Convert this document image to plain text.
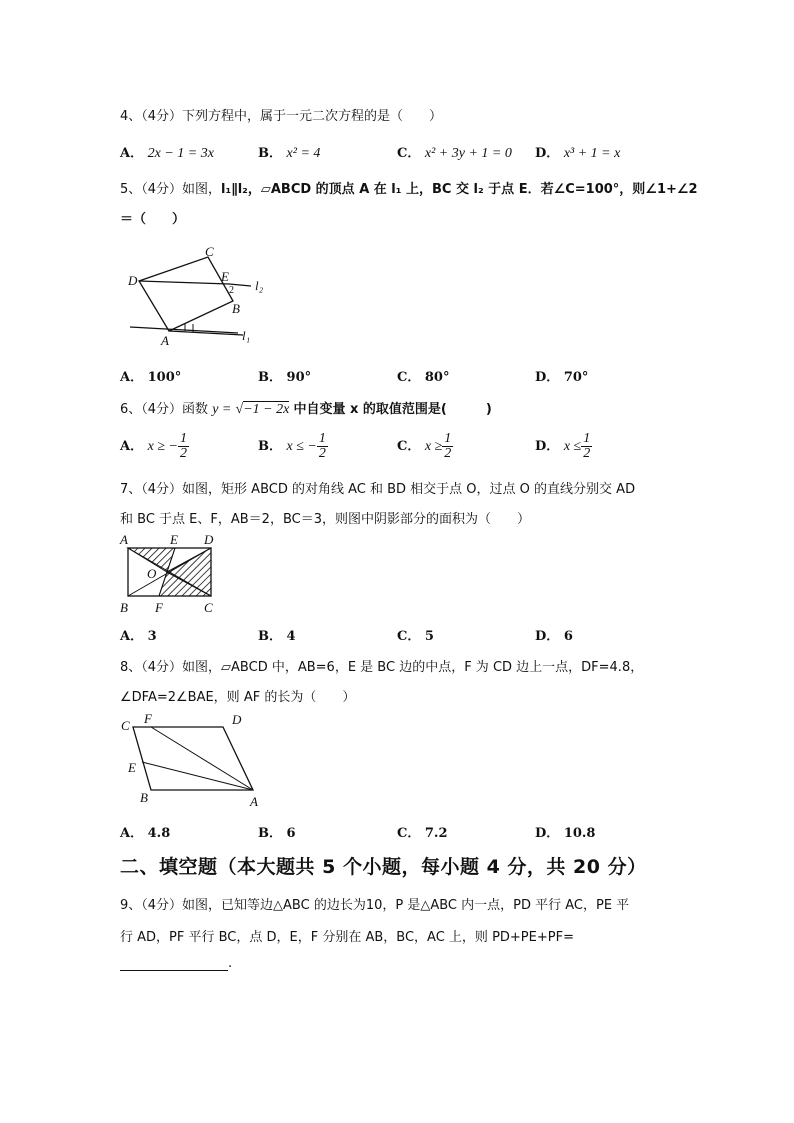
4、（4分）下列方程中，属于一元二次方程的是（　　）
A． 2x − 1 = 3x	B． x² = 4	C． x² + 3y + 1 = 0 D． x³ + 1 = x
5、（4分）如图，l₁∥l₂，▱ABCD 的顶点 A 在 l₁ 上，BC 交 l₂ 于点 E．若∠C=100°，则∠1+∠2
＝（　　）
C
D	E
2 l₂
B
A	l₁
A． 100°	B． 90°	C． 80°	D． 70°
6、（4分）函数 y = √−1 − 2x 中自变量 x 的取值范围是(　　　)
A． x ≥ − $\frac{1}{2}$	B． x ≤ − $\frac{1}{2}$	C． $x \ge \frac{1}{2}$	D． $x \le \frac{1}{2}$
7、（4分）如图，矩形 ABCD 的对角线 AC 和 BD 相交于点 O，过点 O 的直线分别交 AD
和 BC 于点 E、F，AB＝2，BC＝3，则图中阴影部分的面积为（　　）
A	E D
O
B F	C
A． 3	B． 4	C． 5	D． 6
8、（4分）如图，▱ABCD 中，AB=6，E 是 BC 边的中点，F 为 CD 边上一点，DF=4.8，
∠DFA=2∠BAE，则 AF 的长为（　　）
C F	D
E
B	A
A． 4.8	B． 6	C． 7.2	D． 10.8
二、填空题（本大题共 5 个小题，每小题 4 分，共 20 分）
9、（4分）如图，已知等边△ABC 的边长为10，P 是△ABC 内一点，PD 平行 AC，PE 平
行 AD，PF 平行 BC，点 D，E，F 分别在 AB，BC，AC 上，则 PD+PE+PF=
.
